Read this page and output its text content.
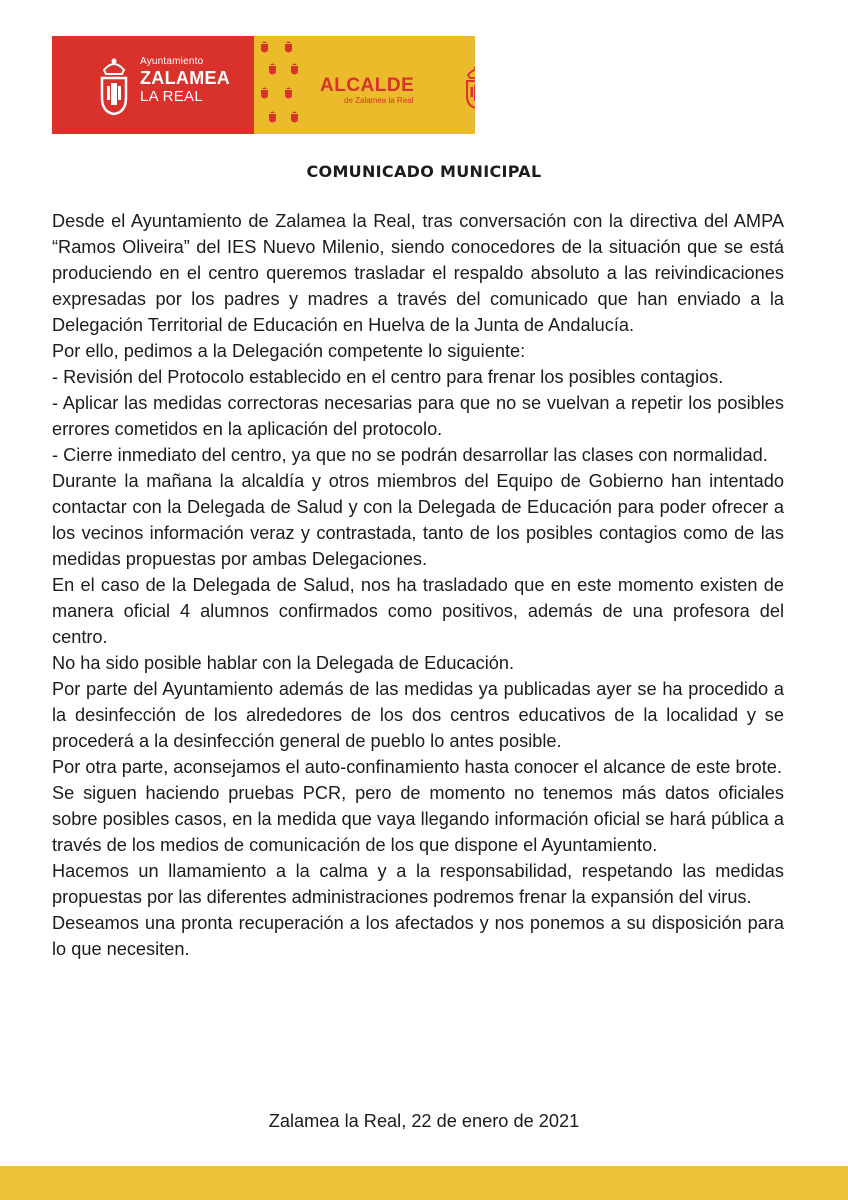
Ayuntamiento
ZALAMEA
LA REAL
ALCALDE
de Zalamea la Real
COMUNICADO MUNICIPAL

Desde el Ayuntamiento de Zalamea la Real, tras conversación con la directiva del AMPA “Ramos Oliveira” del IES Nuevo Milenio, siendo conocedores de la situación que se está produciendo en el centro queremos trasladar el respaldo absoluto a las reivindicaciones expresadas por los padres y madres a través del comunicado que han enviado a la Delegación Territorial de Educación en Huelva de la Junta de Andalucía.

Por ello, pedimos a la Delegación competente lo siguiente:

- Revisión del Protocolo establecido en el centro para frenar los posibles contagios.

- Aplicar las medidas correctoras necesarias para que no se vuelvan a repetir los posibles errores cometidos en la aplicación del protocolo.

- Cierre inmediato del centro, ya que no se podrán desarrollar las clases con normalidad.

Durante la mañana la alcaldía y otros miembros del Equipo de Gobierno han intentado contactar con la Delegada de Salud y con la Delegada de Educación para poder ofrecer a los vecinos información veraz y contrastada, tanto de los posibles contagios como de las medidas propuestas por ambas Delegaciones.

En el caso de la Delegada de Salud, nos ha trasladado que en este momento existen de manera oficial 4 alumnos confirmados como positivos, además de una profesora del centro.

No ha sido posible hablar con la Delegada de Educación.

Por parte del Ayuntamiento además de las medidas ya publicadas ayer se ha procedido a la desinfección de los alrededores de los dos centros educativos de la localidad y se procederá a la desinfección general de pueblo lo antes posible.

Por otra parte, aconsejamos el auto-confinamiento hasta conocer el alcance de este brote.

Se siguen haciendo pruebas PCR, pero de momento no tenemos más datos oficiales sobre posibles casos, en la medida que vaya llegando información oficial se hará pública a través de los medios de comunicación de los que dispone el Ayuntamiento.

Hacemos un llamamiento a la calma y a la responsabilidad, respetando las medidas propuestas por las diferentes administraciones podremos frenar la expansión del virus.

Deseamos una pronta recuperación a los afectados y nos ponemos a su disposición para lo que necesiten.

Zalamea la Real, 22 de enero de 2021
